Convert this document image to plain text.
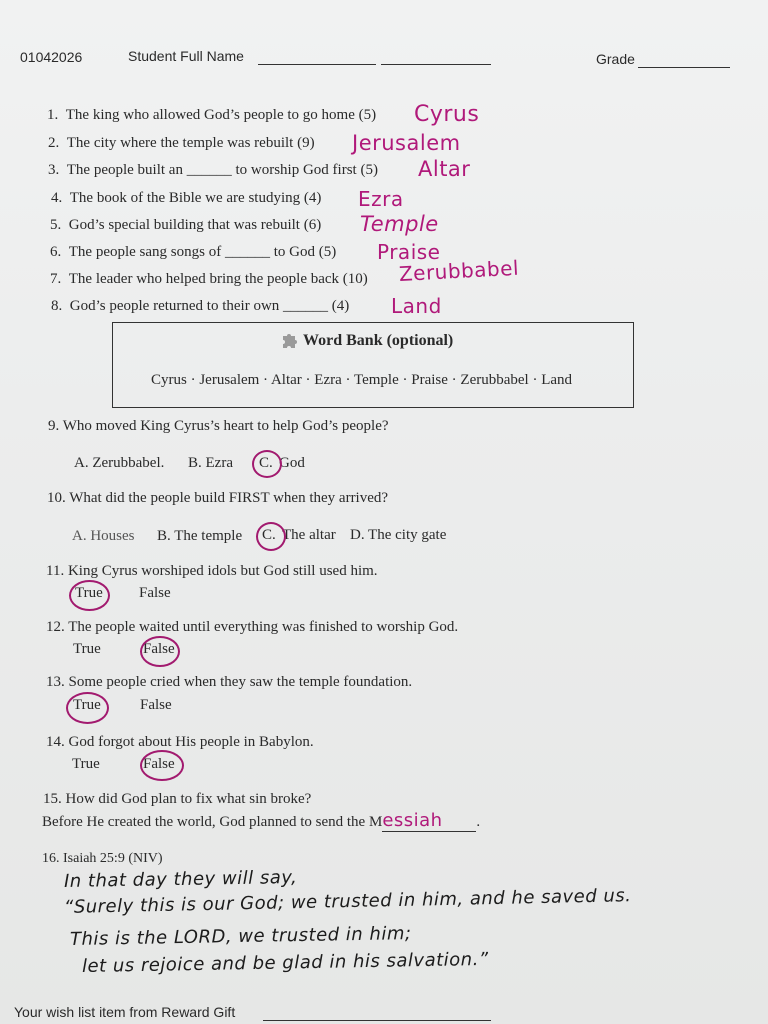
01042026	Student Full Name	Grade
1. The king who allowed God’s people to go home (5) Cyrus
2. The city where the temple was rebuilt (9) Jerusalem
3. The people built an ______ to worship God first (5) Altar
4. The book of the Bible we are studying (4) Ezra
5. God’s special building that was rebuilt (6) Temple
6. The people sang songs of ______ to God (5) Praise
7. The leader who helped bring the people back (10) Zerubbabel
8. God’s people returned to their own ______ (4) Land
Word Bank (optional)
Cyrus · Jerusalem · Altar · Ezra · Temple · Praise · Zerubbabel · Land
9. Who moved King Cyrus’s heart to help God’s people?
A. Zerubbabel. B. Ezra C. God
10. What did the people build FIRST when they arrived?
A. Houses B. The temple C. The altar D. The city gate
11. King Cyrus worshiped idols but God still used him.
True False
12. The people waited until everything was finished to worship God.
True	False
13. Some people cried when they saw the temple foundation.
True	False
14. God forgot about His people in Babylon.
True	False
15. How did God plan to fix what sin broke?
Before He created the world, God planned to send the Messiah .
16. Isaiah 25:9 (NIV)
In that day they will say,
“Surely this is our God; we trusted in him, and he saved us.
This is the LORD, we trusted in him;
let us rejoice and be glad in his salvation.”
Your wish list item from Reward Gift
